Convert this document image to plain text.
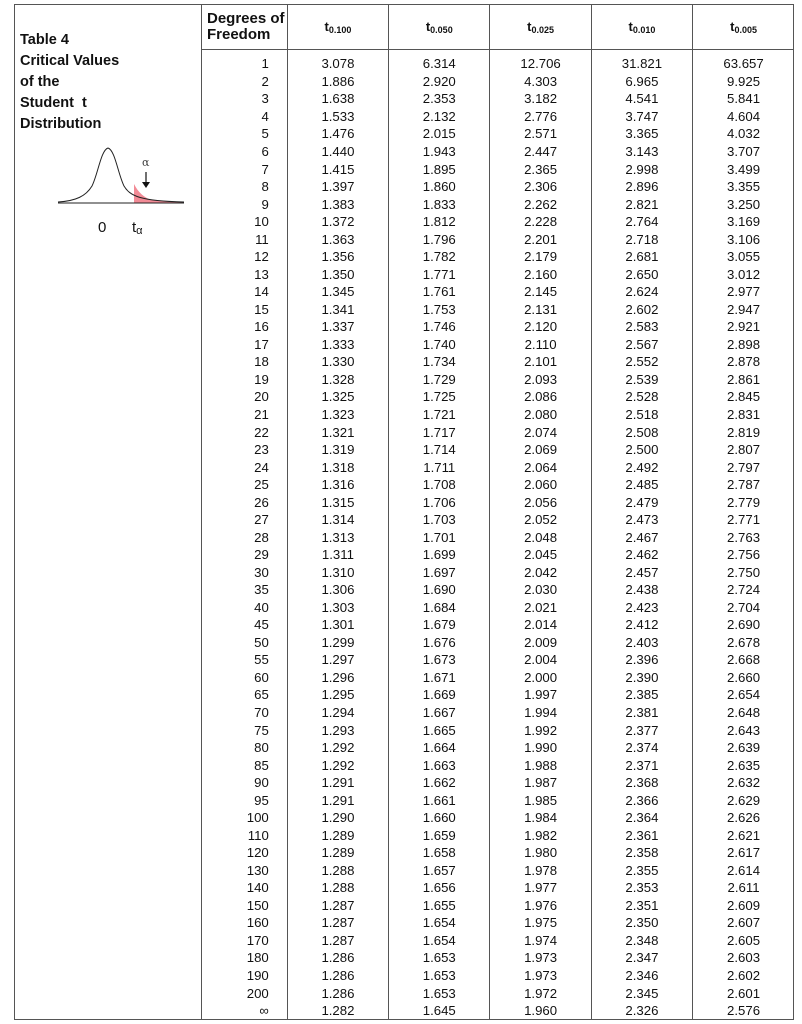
Table 4
Critical Values
of the
Student  t
Distribution
α
0 tα
Degrees of
Freedom	$t_{0.100}$	$t_{0.050}$	$t_{0.025}$	$t_{0.010}$	$t_{0.005}$
1	3.078	6.314	12.706	31.821	63.657
2	1.886	2.920	4.303	6.965	9.925
3	1.638	2.353	3.182	4.541	5.841
4	1.533	2.132	2.776	3.747	4.604
5	1.476	2.015	2.571	3.365	4.032
6	1.440	1.943	2.447	3.143	3.707
7	1.415	1.895	2.365	2.998	3.499
8	1.397	1.860	2.306	2.896	3.355
9	1.383	1.833	2.262	2.821	3.250
10	1.372	1.812	2.228	2.764	3.169
11	1.363	1.796	2.201	2.718	3.106
12	1.356	1.782	2.179	2.681	3.055
13	1.350	1.771	2.160	2.650	3.012
14	1.345	1.761	2.145	2.624	2.977
15	1.341	1.753	2.131	2.602	2.947
16	1.337	1.746	2.120	2.583	2.921
17	1.333	1.740	2.110	2.567	2.898
18	1.330	1.734	2.101	2.552	2.878
19	1.328	1.729	2.093	2.539	2.861
20	1.325	1.725	2.086	2.528	2.845
21	1.323	1.721	2.080	2.518	2.831
22	1.321	1.717	2.074	2.508	2.819
23	1.319	1.714	2.069	2.500	2.807
24	1.318	1.711	2.064	2.492	2.797
25	1.316	1.708	2.060	2.485	2.787
26	1.315	1.706	2.056	2.479	2.779
27	1.314	1.703	2.052	2.473	2.771
28	1.313	1.701	2.048	2.467	2.763
29	1.311	1.699	2.045	2.462	2.756
30	1.310	1.697	2.042	2.457	2.750
35	1.306	1.690	2.030	2.438	2.724
40	1.303	1.684	2.021	2.423	2.704
45	1.301	1.679	2.014	2.412	2.690
50	1.299	1.676	2.009	2.403	2.678
55	1.297	1.673	2.004	2.396	2.668
60	1.296	1.671	2.000	2.390	2.660
65	1.295	1.669	1.997	2.385	2.654
70	1.294	1.667	1.994	2.381	2.648
75	1.293	1.665	1.992	2.377	2.643
80	1.292	1.664	1.990	2.374	2.639
85	1.292	1.663	1.988	2.371	2.635
90	1.291	1.662	1.987	2.368	2.632
95	1.291	1.661	1.985	2.366	2.629
100	1.290	1.660	1.984	2.364	2.626
110	1.289	1.659	1.982	2.361	2.621
120	1.289	1.658	1.980	2.358	2.617
130	1.288	1.657	1.978	2.355	2.614
140	1.288	1.656	1.977	2.353	2.611
150	1.287	1.655	1.976	2.351	2.609
160	1.287	1.654	1.975	2.350	2.607
170	1.287	1.654	1.974	2.348	2.605
180	1.286	1.653	1.973	2.347	2.603
190	1.286	1.653	1.973	2.346	2.602
200	1.286	1.653	1.972	2.345	2.601
∞	1.282	1.645	1.960	2.326	2.576
